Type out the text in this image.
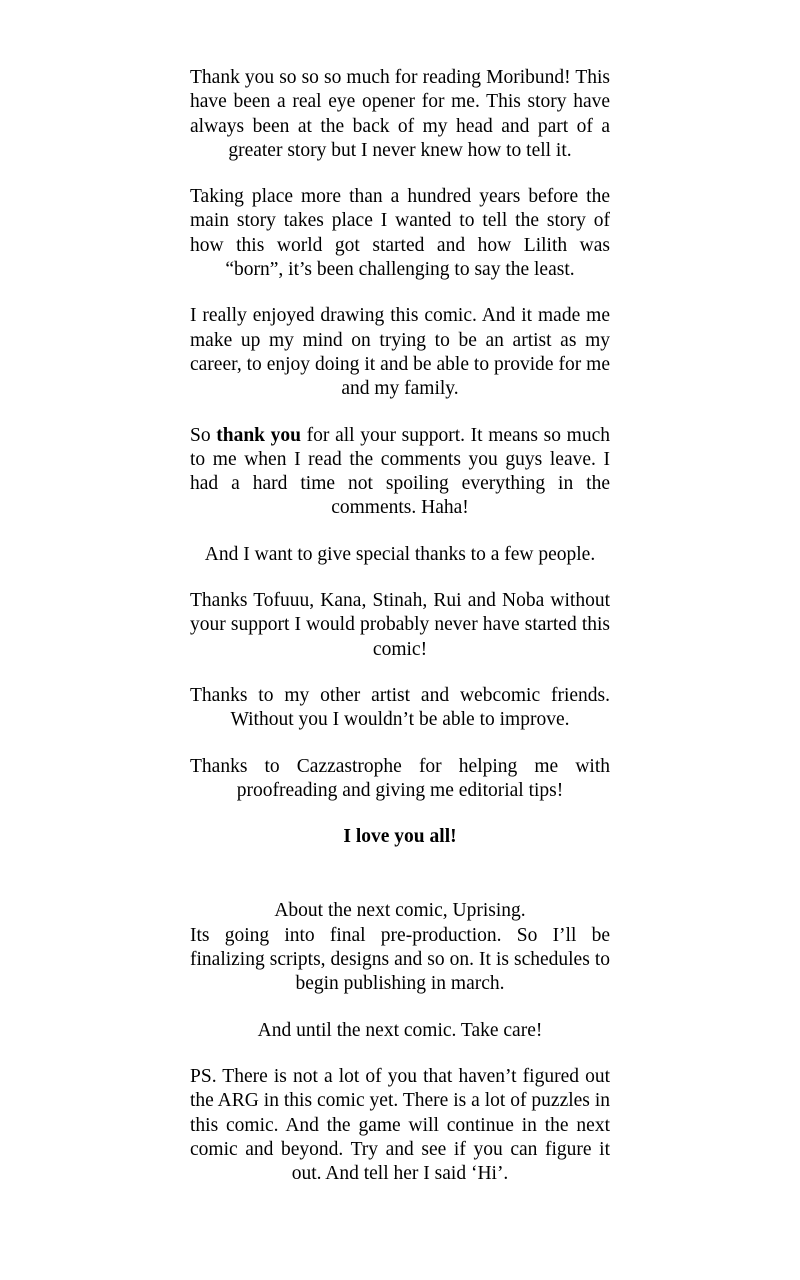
Thank you so so so much for reading Moribund! This have been a real eye opener for me. This story have always been at the back of my head and part of a greater story but I never knew how to tell it.

Taking place more than a hundred years before the main story takes place I wanted to tell the story of how this world got started and how Lilith was “born”, it’s been challenging to say the least.

I really enjoyed drawing this comic. And it made me make up my mind on trying to be an artist as my career, to enjoy doing it and be able to provide for me and my family.

So thank you for all your support. It means so much to me when I read the comments you guys leave. I had a hard time not spoiling everything in the comments. Haha!

And I want to give special thanks to a few people.

Thanks Tofuuu, Kana, Stinah, Rui and Noba without your support I would probably never have started this comic!

Thanks to my other artist and webcomic friends. Without you I wouldn’t be able to improve.

Thanks to Cazzastrophe for helping me with proofreading and giving me editorial tips!

I love you all!

About the next comic, Uprising.

Its going into final pre-production. So I’ll be finalizing scripts, designs and so on. It is schedules to begin publishing in march.

And until the next comic. Take care!

PS. There is not a lot of you that haven’t figured out the ARG in this comic yet. There is a lot of puzzles in this comic. And the game will continue in the next comic and beyond. Try and see if you can figure it out. And tell her I said ‘Hi’.
